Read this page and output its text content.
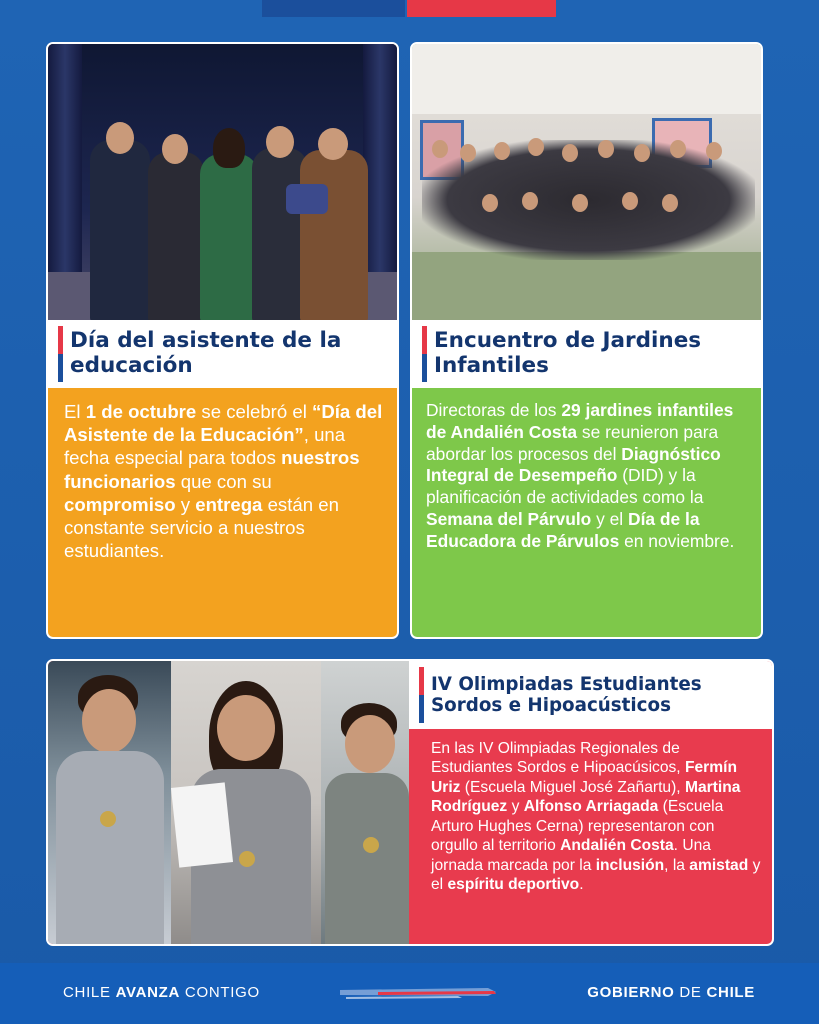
Día del asistente de la educación

El 1 de octubre se celebró el “Día del Asistente de la Educación”, una fecha especial para todos nuestros funcionarios que con su compromiso y entrega están en constante servicio a nuestros estudiantes.

Encuentro de Jardines Infantiles

Directoras de los 29 jardines infantiles de Andalién Costa se reunieron para abordar los procesos del Diagnóstico Integral de Desempeño (DID) y la planificación de actividades como la Semana del Párvulo y el Día de la Educadora de Párvulos en noviembre.

IV Olimpiadas Estudiantes Sordos e Hipoacústicos

En las IV Olimpiadas Regionales de Estudiantes Sordos e Hipoacúsicos, Fermín Uriz (Escuela Miguel José Zañartu), Martina Rodríguez y Alfonso Arriagada (Escuela Arturo Hughes Cerna) representaron con orgullo al territorio Andalién Costa. Una jornada marcada por la inclusión, la amistad y el espíritu deportivo.

CHILE AVANZA CONTIGO	GOBIERNO DE CHILE
